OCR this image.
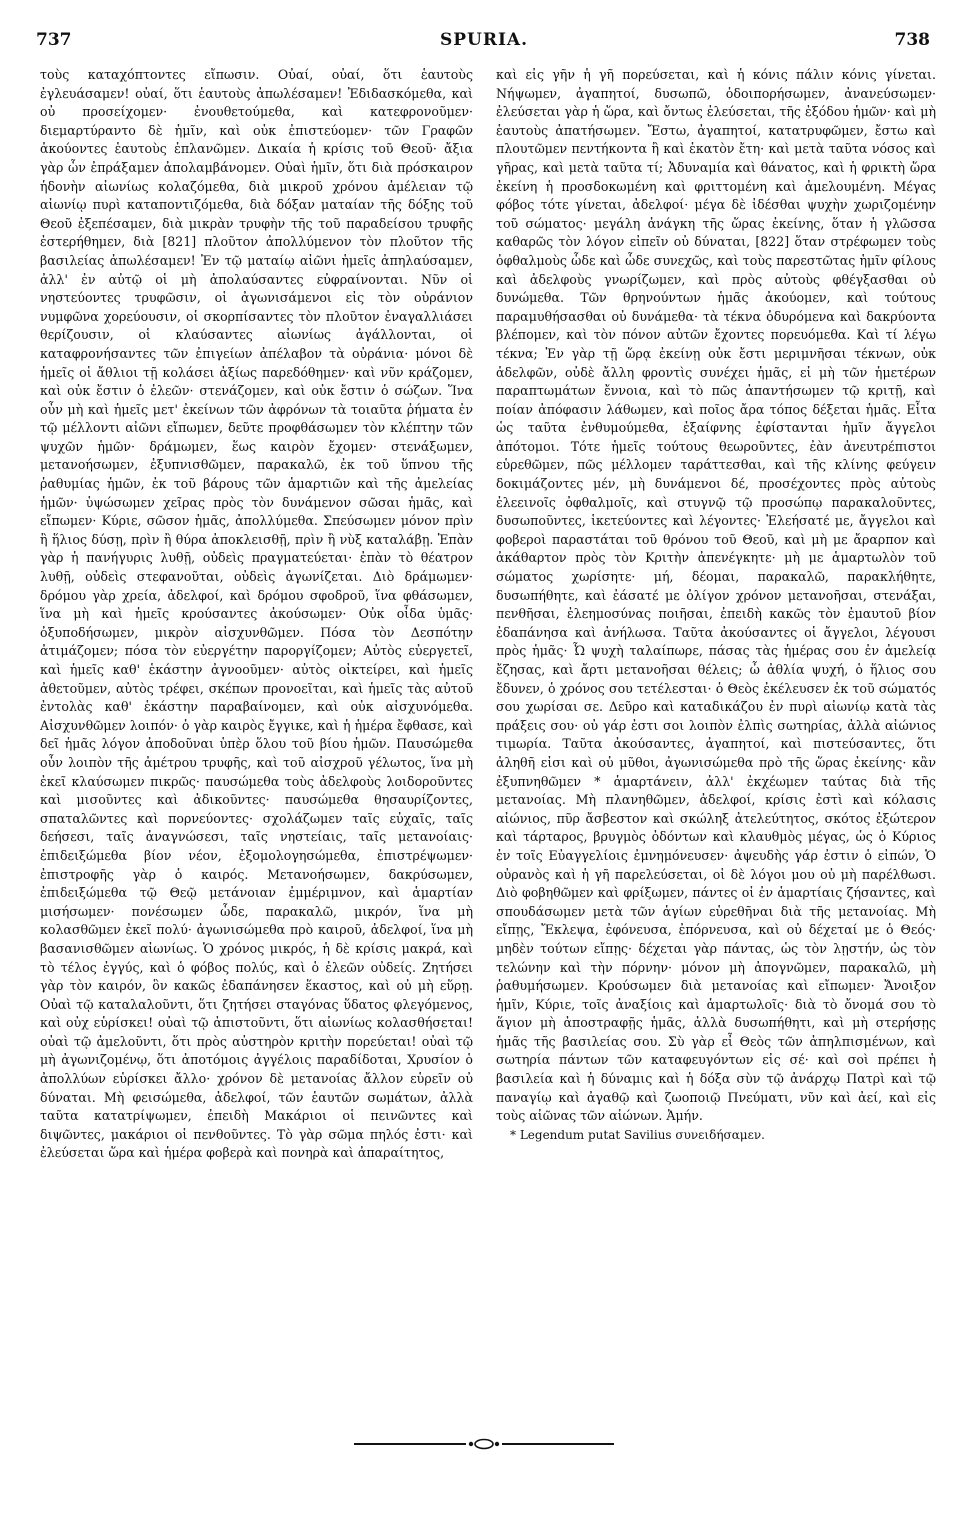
737	SPURIA.	738

τοὺς καταχόπτοντες εἴπωσιν. Οὐαί, οὐαί, ὅτι ἑαυτοὺς ἐγλευάσαμεν! οὐαί, ὅτι ἑαυτοὺς ἀπωλέσαμεν! Ἐδιδασκόμεθα, καὶ οὐ προσείχομεν· ἐνουθετούμεθα, καὶ κατεφρονοῦμεν· διεμαρτύραντο δὲ ἡμῖν, καὶ οὐκ ἐπιστεύομεν· τῶν Γραφῶν ἀκούοντες ἑαυτοὺς ἐπλανῶμεν. Δικαία ἡ κρίσις τοῦ Θεοῦ· ἄξια γὰρ ὧν ἐπράξαμεν ἀπολαμβάνομεν. Οὐαὶ ἡμῖν, ὅτι διὰ πρόσκαιρον ἡδονὴν αἰωνίως κολαζόμεθα, διὰ μικροῦ χρόνου ἀμέλειαν τῷ αἰωνίῳ πυρὶ καταποντιζόμεθα, διὰ δόξαν ματαίαν τῆς δόξης τοῦ Θεοῦ ἐξεπέσαμεν, διὰ μικρὰν τρυφὴν τῆς τοῦ παραδείσου τρυφῆς ἐστερήθημεν, διὰ [821] πλοῦτον ἀπολλύμενον τὸν πλοῦτον τῆς βασιλείας ἀπωλέσαμεν! Ἐν τῷ ματαίῳ αἰῶνι ἡμεῖς ἀπηλαύσαμεν, ἀλλ' ἐν αὐτῷ οἱ μὴ ἀπολαύσαντες εὐφραίνονται. Νῦν οἱ νηστεύοντες τρυφῶσιν, οἱ ἀγωνισάμενοι εἰς τὸν οὐράνιον νυμφῶνα χορεύουσιν, οἱ σκορπίσαντες τὸν πλοῦτον ἐναγαλλιάσει θερίζουσιν, οἱ κλαύσαντες αἰωνίως ἀγάλλονται, οἱ καταφρονήσαντες τῶν ἐπιγείων ἀπέλαβον τὰ οὐράνια· μόνοι δὲ ἡμεῖς οἱ ἄθλιοι τῇ κολάσει ἀξίως παρεδόθημεν· καὶ νῦν κράζομεν, καὶ οὐκ ἔστιν ὁ ἐλεῶν· στενάζομεν, καὶ οὐκ ἔστιν ὁ σώζων. Ἵνα οὖν μὴ καὶ ἡμεῖς μετ' ἐκείνων τῶν ἀφρόνων τὰ τοιαῦτα ῥήματα ἐν τῷ μέλλοντι αἰῶνι εἴπωμεν, δεῦτε προφθάσωμεν τὸν κλέπτην τῶν ψυχῶν ἡμῶν· δράμωμεν, ἕως καιρὸν ἔχομεν· στενάξωμεν, μετανοήσωμεν, ἐξυπνισθῶμεν, παρακαλῶ, ἐκ τοῦ ὕπνου τῆς ῥαθυμίας ἡμῶν, ἐκ τοῦ βάρους τῶν ἁμαρτιῶν καὶ τῆς ἀμελείας ἡμῶν· ὑψώσωμεν χεῖρας πρὸς τὸν δυνάμενον σῶσαι ἡμᾶς, καὶ εἴπωμεν· Κύριε, σῶσον ἡμᾶς, ἀπολλύμεθα. Σπεύσωμεν μόνον πρὶν ἢ ἥλιος δύσῃ, πρὶν ἢ θύρα ἀποκλεισθῇ, πρὶν ἢ νὺξ καταλάβῃ. Ἐπὰν γὰρ ἡ πανήγυρις λυθῇ, οὐδεὶς πραγματεύεται· ἐπὰν τὸ θέατρον λυθῇ, οὐδεὶς στεφανοῦται, οὐδεὶς ἀγωνίζεται. Διὸ δράμωμεν· δρόμου γὰρ χρεία, ἀδελφοί, καὶ δρόμου σφοδροῦ, ἵνα φθάσωμεν, ἵνα μὴ καὶ ἡμεῖς κρούσαντες ἀκούσωμεν· Οὐκ οἶδα ὑμᾶς· ὀξυποδήσωμεν, μικρὸν αἰσχυνθῶμεν. Πόσα τὸν Δεσπότην ἀτιμάζομεν; πόσα τὸν εὐεργέτην παροργίζομεν; Αὐτὸς εὐεργετεῖ, καὶ ἡμεῖς καθ' ἑκάστην ἀγνοοῦμεν· αὐτὸς οἰκτείρει, καὶ ἡμεῖς ἀθετοῦμεν, αὐτὸς τρέφει, σκέπων προνοεῖται, καὶ ἡμεῖς τὰς αὐτοῦ ἐντολὰς καθ' ἑκάστην παραβαίνομεν, καὶ οὐκ αἰσχυνόμεθα. Αἰσχυνθῶμεν λοιπόν· ὁ γὰρ καιρὸς ἔγγικε, καὶ ἡ ἡμέρα ἔφθασε, καὶ δεῖ ἡμᾶς λόγον ἀποδοῦναι ὑπὲρ ὅλου τοῦ βίου ἡμῶν. Παυσώμεθα οὖν λοιπὸν τῆς ἀμέτρου τρυφῆς, καὶ τοῦ αἰσχροῦ γέλωτος, ἵνα μὴ ἐκεῖ κλαύσωμεν πικρῶς· παυσώμεθα τοὺς ἀδελφοὺς λοιδοροῦντες καὶ μισοῦντες καὶ ἀδικοῦντες· παυσώμεθα θησαυρίζοντες, σπαταλῶντες καὶ πορνεύοντες· σχολάζωμεν ταῖς εὐχαῖς, ταῖς δεήσεσι, ταῖς ἀναγνώσεσι, ταῖς νηστείαις, ταῖς μετανοίαις· ἐπιδειξώμεθα βίον νέον, ἐξομολογησώμεθα, ἐπιστρέψωμεν· ἐπιστροφῆς γὰρ ὁ καιρός. Μετανοήσωμεν, δακρύσωμεν, ἐπιδειξώμεθα τῷ Θεῷ μετάνοιαν ἐμμέριμνον, καὶ ἁμαρτίαν μισήσωμεν· πονέσωμεν ὧδε, παρακαλῶ, μικρόν, ἵνα μὴ κολασθῶμεν ἐκεῖ πολύ· ἀγωνισώμεθα πρὸ καιροῦ, ἀδελφοί, ἵνα μὴ βασανισθῶμεν αἰωνίως. Ὁ χρόνος μικρός, ἡ δὲ κρίσις μακρά, καὶ τὸ τέλος ἐγγύς, καὶ ὁ φόβος πολύς, καὶ ὁ ἐλεῶν οὐδείς. Ζητήσει γὰρ τὸν καιρόν, ὃν κακῶς ἐδαπάνησεν ἕκαστος, καὶ οὐ μὴ εὕρῃ. Οὐαὶ τῷ καταλαλοῦντι, ὅτι ζητήσει σταγόνας ὕδατος φλεγόμενος, καὶ οὐχ εὑρίσκει! οὐαὶ τῷ ἀπιστοῦντι, ὅτι αἰωνίως κολασθήσεται! οὐαὶ τῷ ἀμελοῦντι, ὅτι πρὸς αὐστηρὸν κριτὴν πορεύεται! οὐαὶ τῷ μὴ ἀγωνιζομένῳ, ὅτι ἀποτόμοις ἀγγέλοις παραδίδοται, Χρυσίον ὁ ἀπολλύων εὑρίσκει ἄλλο· χρόνον δὲ μετανοίας ἄλλον εὑρεῖν οὐ δύναται. Μὴ φεισώμεθα, ἀδελφοί, τῶν ἑαυτῶν σωμάτων, ἀλλὰ ταῦτα κατατρίψωμεν, ἐπειδὴ Μακάριοι οἱ πεινῶντες καὶ διψῶντες, μακάριοι οἱ πενθοῦντες. Τὸ γὰρ σῶμα πηλός ἐστι· καὶ ἐλεύσεται ὥρα καὶ ἡμέρα φοβερὰ καὶ πονηρὰ καὶ ἀπαραίτητος,

καὶ εἰς γῆν ἡ γῆ πορεύσεται, καὶ ἡ κόνις πάλιν κόνις γίνεται. Νήψωμεν, ἀγαπητοί, δυσωπῶ, ὁδοιπορήσωμεν, ἀνανεύσωμεν· ἐλεύσεται γὰρ ἡ ὥρα, καὶ ὄντως ἐλεύσεται, τῆς ἐξόδου ἡμῶν· καὶ μὴ ἑαυτοὺς ἀπατήσωμεν. Ἔστω, ἀγαπητοί, κατατρυφῶμεν, ἔστω καὶ πλουτῶμεν πεντήκοντα ἢ καὶ ἑκατὸν ἔτη· καὶ μετὰ ταῦτα νόσος καὶ γῆρας, καὶ μετὰ ταῦτα τί; Ἀδυναμία καὶ θάνατος, καὶ ἡ φρικτὴ ὥρα ἐκείνη ἡ προσδοκωμένη καὶ φριττομένη καὶ ἀμελουμένη. Μέγας φόβος τότε γίνεται, ἀδελφοί· μέγα δὲ ἰδέσθαι ψυχὴν χωριζομένην τοῦ σώματος· μεγάλη ἀνάγκη τῆς ὥρας ἐκείνης, ὅταν ἡ γλῶσσα καθαρῶς τὸν λόγον εἰπεῖν οὐ δύναται, [822] ὅταν στρέφωμεν τοὺς ὀφθαλμοὺς ὧδε καὶ ὧδε συνεχῶς, καὶ τοὺς παρεστῶτας ἡμῖν φίλους καὶ ἀδελφοὺς γνωρίζωμεν, καὶ πρὸς αὐτοὺς φθέγξασθαι οὐ δυνώμεθα. Τῶν θρηνούντων ἡμᾶς ἀκούομεν, καὶ τούτους παραμυθήσασθαι οὐ δυνάμεθα· τὰ τέκνα ὀδυρόμενα καὶ δακρύοντα βλέπομεν, καὶ τὸν πόνον αὐτῶν ἔχοντες πορευόμεθα. Καὶ τί λέγω τέκνα; Ἐν γὰρ τῇ ὥρᾳ ἐκείνῃ οὐκ ἔστι μεριμνῆσαι τέκνων, οὐκ ἀδελφῶν, οὐδὲ ἄλλη φροντὶς συνέχει ἡμᾶς, εἰ μὴ τῶν ἡμετέρων παραπτωμάτων ἔννοια, καὶ τὸ πῶς ἀπαντήσωμεν τῷ κριτῇ, καὶ ποίαν ἀπόφασιν λάθωμεν, καὶ ποῖος ἄρα τόπος δέξεται ἡμᾶς. Εἶτα ὡς ταῦτα ἐνθυμούμεθα, ἐξαίφνης ἐφίστανται ἡμῖν ἄγγελοι ἀπότομοι. Τότε ἡμεῖς τούτους θεωροῦντες, ἐὰν ἀνευτρέπιστοι εὑρεθῶμεν, πῶς μέλλομεν ταράττεσθαι, καὶ τῆς κλίνης φεύγειν δοκιμάζοντες μέν, μὴ δυνάμενοι δέ, προσέχοντες πρὸς αὐτοὺς ἐλεεινοῖς ὀφθαλμοῖς, καὶ στυγνῷ τῷ προσώπῳ παρακαλοῦντες, δυσωποῦντες, ἱκετεύοντες καὶ λέγοντες· Ἐλεήσατέ με, ἄγγελοι καὶ φοβεροὶ παραστάται τοῦ θρόνου τοῦ Θεοῦ, καὶ μὴ με ἄραρπον καὶ ἀκάθαρτον πρὸς τὸν Κριτὴν ἀπενέγκητε· μὴ με ἁμαρτωλὸν τοῦ σώματος χωρίσητε· μή, δέομαι, παρακαλῶ, παρακλήθητε, δυσωπήθητε, καὶ ἐάσατέ με ὀλίγον χρόνον μετανοῆσαι, στενάξαι, πενθῆσαι, ἐλεημοσύνας ποιῆσαι, ἐπειδὴ κακῶς τὸν ἐμαυτοῦ βίον ἐδαπάνησα καὶ ἀνήλωσα. Ταῦτα ἀκούσαντες οἱ ἄγγελοι, λέγουσι πρὸς ἡμᾶς· Ὦ ψυχὴ ταλαίπωρε, πάσας τὰς ἡμέρας σου ἐν ἀμελείᾳ ἔζησας, καὶ ἄρτι μετανοῆσαι θέλεις; ὦ ἀθλία ψυχή, ὁ ἥλιος σου ἔδυνεν, ὁ χρόνος σου τετέλεσται· ὁ Θεὸς ἐκέλευσεν ἐκ τοῦ σώματός σου χωρίσαι σε. Δεῦρο καὶ καταδικάζου ἐν πυρὶ αἰωνίῳ κατὰ τὰς πράξεις σου· οὐ γάρ ἐστι σοι λοιπὸν ἐλπὶς σωτηρίας, ἀλλὰ αἰώνιος τιμωρία. Ταῦτα ἀκούσαντες, ἀγαπητοί, καὶ πιστεύσαντες, ὅτι ἀληθῆ εἰσι καὶ οὐ μῦθοι, ἀγωνισώμεθα πρὸ τῆς ὥρας ἐκείνης· κἂν ἐξυπνηθῶμεν * ἁμαρτάνειν, ἀλλ' ἐκχέωμεν ταύτας διὰ τῆς μετανοίας. Μὴ πλανηθῶμεν, ἀδελφοί, κρίσις ἐστὶ καὶ κόλασις αἰώνιος, πῦρ ἄσβεστον καὶ σκώληξ ἀτελεύτητος, σκότος ἐξώτερον καὶ τάρταρος, βρυγμὸς ὀδόντων καὶ κλαυθμὸς μέγας, ὡς ὁ Κύριος ἐν τοῖς Εὐαγγελίοις ἐμνημόνευσεν· ἀψευδὴς γάρ ἐστιν ὁ εἰπών, Ὁ οὐρανὸς καὶ ἡ γῆ παρελεύσεται, οἱ δὲ λόγοι μου οὐ μὴ παρέλθωσι. Διὸ φοβηθῶμεν καὶ φρίξωμεν, πάντες οἱ ἐν ἁμαρτίαις ζήσαντες, καὶ σπουδάσωμεν μετὰ τῶν ἁγίων εὑρεθῆναι διὰ τῆς μετανοίας. Μὴ εἴπῃς, Ἔκλεψα, ἐφόνευσα, ἐπόρνευσα, καὶ οὐ δέχεταί με ὁ Θεός· μηδὲν τούτων εἴπῃς· δέχεται γὰρ πάντας, ὡς τὸν λῃστήν, ὡς τὸν τελώνην καὶ τὴν πόρνην· μόνον μὴ ἀπογνῶμεν, παρακαλῶ, μὴ ῥαθυμήσωμεν. Κρούσωμεν διὰ μετανοίας καὶ εἴπωμεν· Ἄνοιξον ἡμῖν, Κύριε, τοῖς ἀναξίοις καὶ ἁμαρτωλοῖς· διὰ τὸ ὄνομά σου τὸ ἅγιον μὴ ἀποστραφῇς ἡμᾶς, ἀλλὰ δυσωπήθητι, καὶ μὴ στερήσῃς ἡμᾶς τῆς βασιλείας σου. Σὺ γὰρ εἶ Θεὸς τῶν ἀπηλπισμένων, καὶ σωτηρία πάντων τῶν καταφευγόντων εἰς σέ· καὶ σοὶ πρέπει ἡ βασιλεία καὶ ἡ δύναμις καὶ ἡ δόξα σὺν τῷ ἀνάρχῳ Πατρὶ καὶ τῷ παναγίῳ καὶ ἀγαθῷ καὶ ζωοποιῷ Πνεύματι, νῦν καὶ ἀεί, καὶ εἰς τοὺς αἰῶνας τῶν αἰώνων. Ἀμήν.

* Legendum putat Savilius συνειδήσαμεν.
